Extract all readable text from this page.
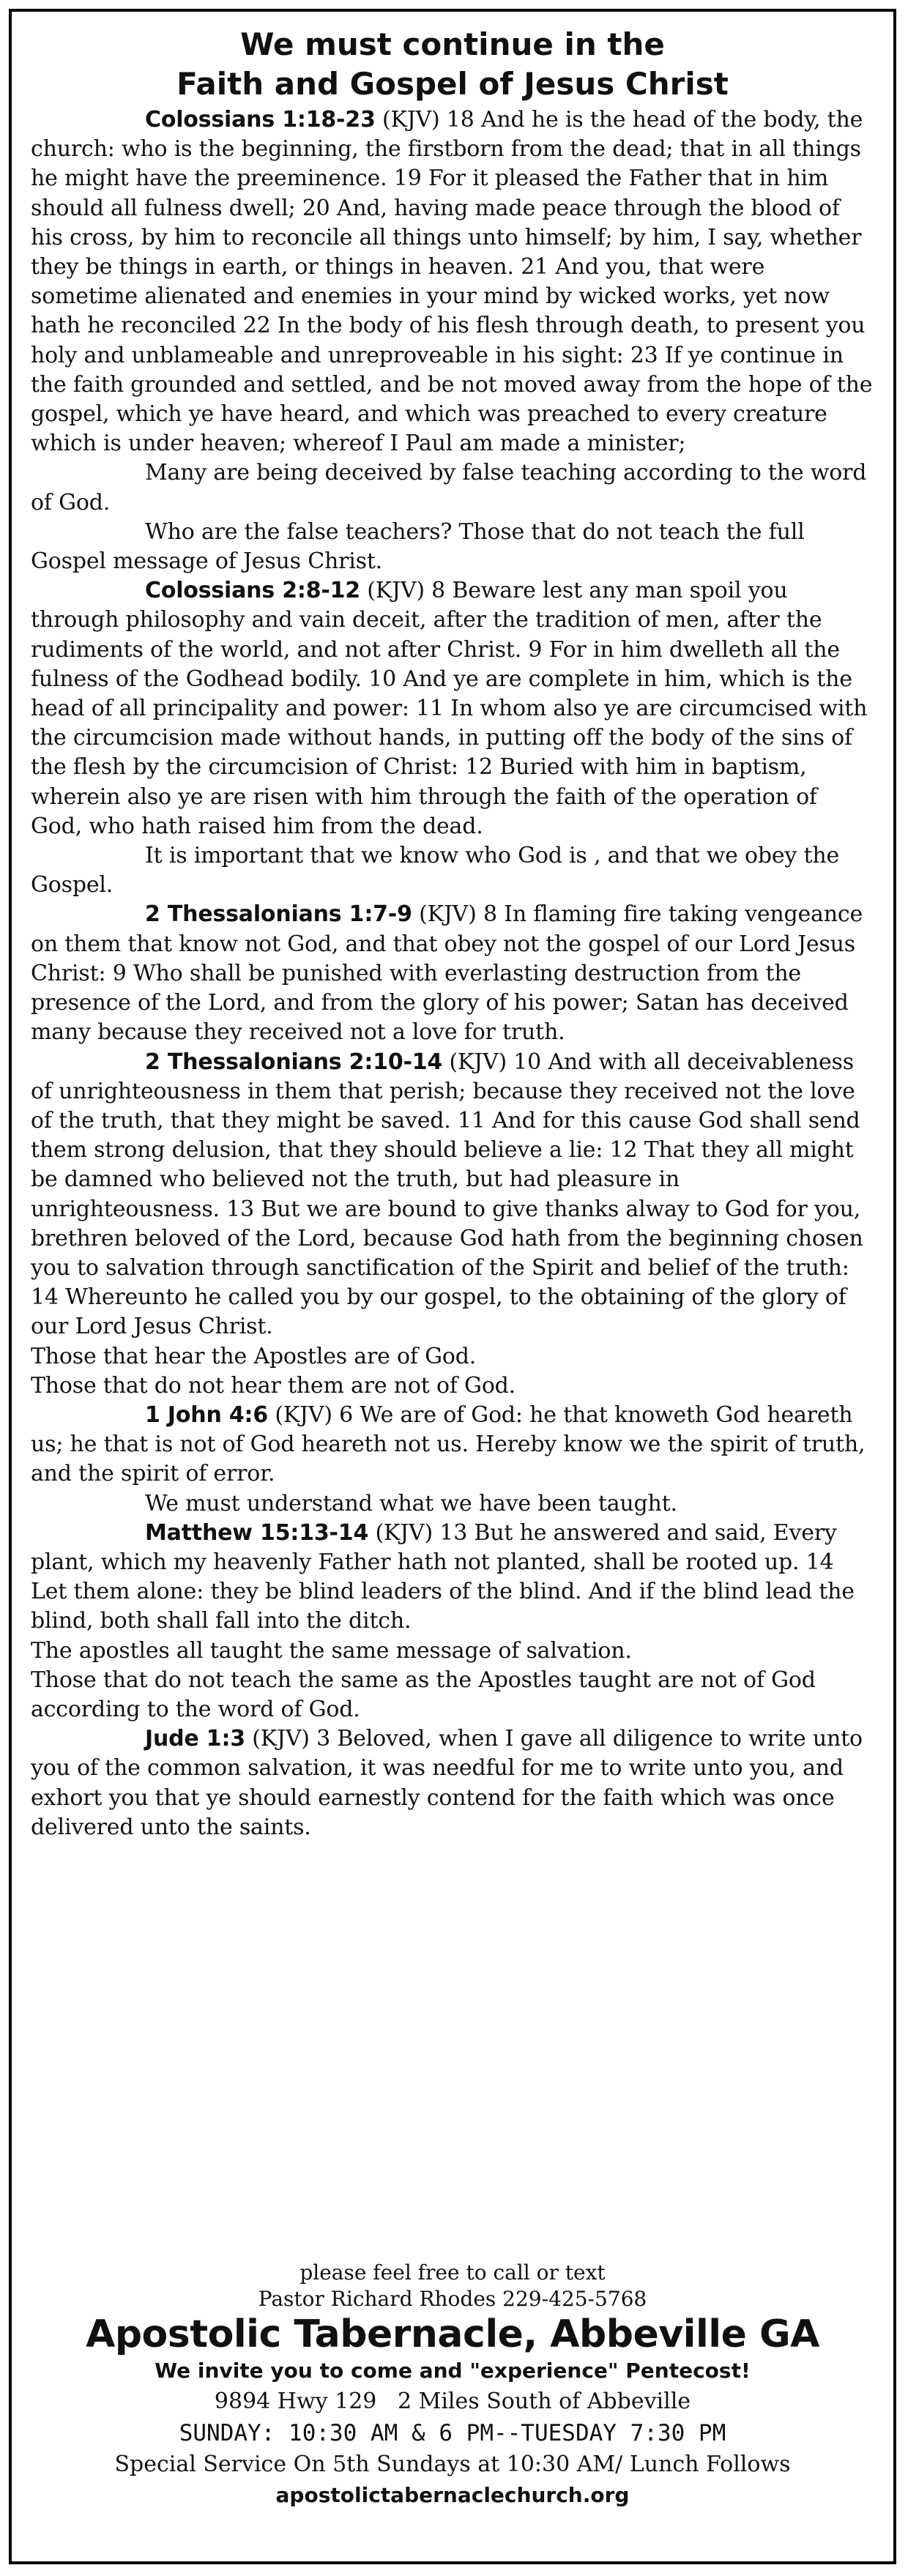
We must continue in the
Faith and Gospel of Jesus Christ

Colossians 1:18-23 (KJV) 18 And he is the head of the body, the church: who is the beginning, the firstborn from the dead; that in all things he might have the preeminence. 19 For it pleased the Father that in him should all fulness dwell; 20 And, having made peace through the blood of his cross, by him to reconcile all things unto himself; by him, I say, whether they be things in earth, or things in heaven. 21 And you, that were sometime alienated and enemies in your mind by wicked works, yet now hath he reconciled 22 In the body of his flesh through death, to present you holy and unblameable and unreproveable in his sight: 23 If ye continue in the faith grounded and settled, and be not moved away from the hope of the gospel, which ye have heard, and which was preached to every creature which is under heaven; whereof I Paul am made a minister;

Many are being deceived by false teaching according to the word of God.

Who are the false teachers? Those that do not teach the full Gospel message of Jesus Christ.

Colossians 2:8-12 (KJV) 8 Beware lest any man spoil you through philosophy and vain deceit, after the tradition of men, after the rudiments of the world, and not after Christ. 9 For in him dwelleth all the fulness of the Godhead bodily. 10 And ye are complete in him, which is the head of all principality and power: 11 In whom also ye are circumcised with the circumcision made without hands, in putting off the body of the sins of the flesh by the circumcision of Christ: 12 Buried with him in baptism, wherein also ye are risen with him through the faith of the operation of God, who hath raised him from the dead.

It is important that we know who God is , and that we obey the Gospel.

2 Thessalonians 1:7-9 (KJV) 8 In flaming fire taking vengeance on them that know not God, and that obey not the gospel of our Lord Jesus Christ: 9 Who shall be punished with everlasting destruction from the presence of the Lord, and from the glory of his power; Satan has deceived many because they received not a love for truth.

2 Thessalonians 2:10-14 (KJV) 10 And with all deceivableness of unrighteousness in them that perish; because they received not the love of the truth, that they might be saved. 11 And for this cause God shall send them strong delusion, that they should believe a lie: 12 That they all might be damned who believed not the truth, but had pleasure in unrighteousness. 13 But we are bound to give thanks alway to God for you, brethren beloved of the Lord, because God hath from the beginning chosen you to salvation through sanctification of the Spirit and belief of the truth: 14 Whereunto he called you by our gospel, to the obtaining of the glory of our Lord Jesus Christ.

Those that hear the Apostles are of God.

Those that do not hear them are not of God.

1 John 4:6 (KJV) 6 We are of God: he that knoweth God heareth us; he that is not of God heareth not us. Hereby know we the spirit of truth, and the spirit of error.

We must understand what we have been taught.

Matthew 15:13-14 (KJV) 13 But he answered and said, Every plant, which my heavenly Father hath not planted, shall be rooted up. 14 Let them alone: they be blind leaders of the blind. And if the blind lead the blind, both shall fall into the ditch.

The apostles all taught the same message of salvation.

Those that do not teach the same as the Apostles taught are not of God according to the word of God.

Jude 1:3 (KJV) 3 Beloved, when I gave all diligence to write unto you of the common salvation, it was needful for me to write unto you, and exhort you that ye should earnestly contend for the faith which was once delivered unto the saints.

please feel free to call or text

Pastor Richard Rhodes 229-425-5768

Apostolic Tabernacle, Abbeville GA

We invite you to come and "experience" Pentecost!

9894 Hwy 129   2 Miles South of Abbeville

SUNDAY: 10:30 AM & 6 PM--TUESDAY 7:30 PM

Special Service On 5th Sundays at 10:30 AM/ Lunch Follows

apostolictabernaclechurch.org
